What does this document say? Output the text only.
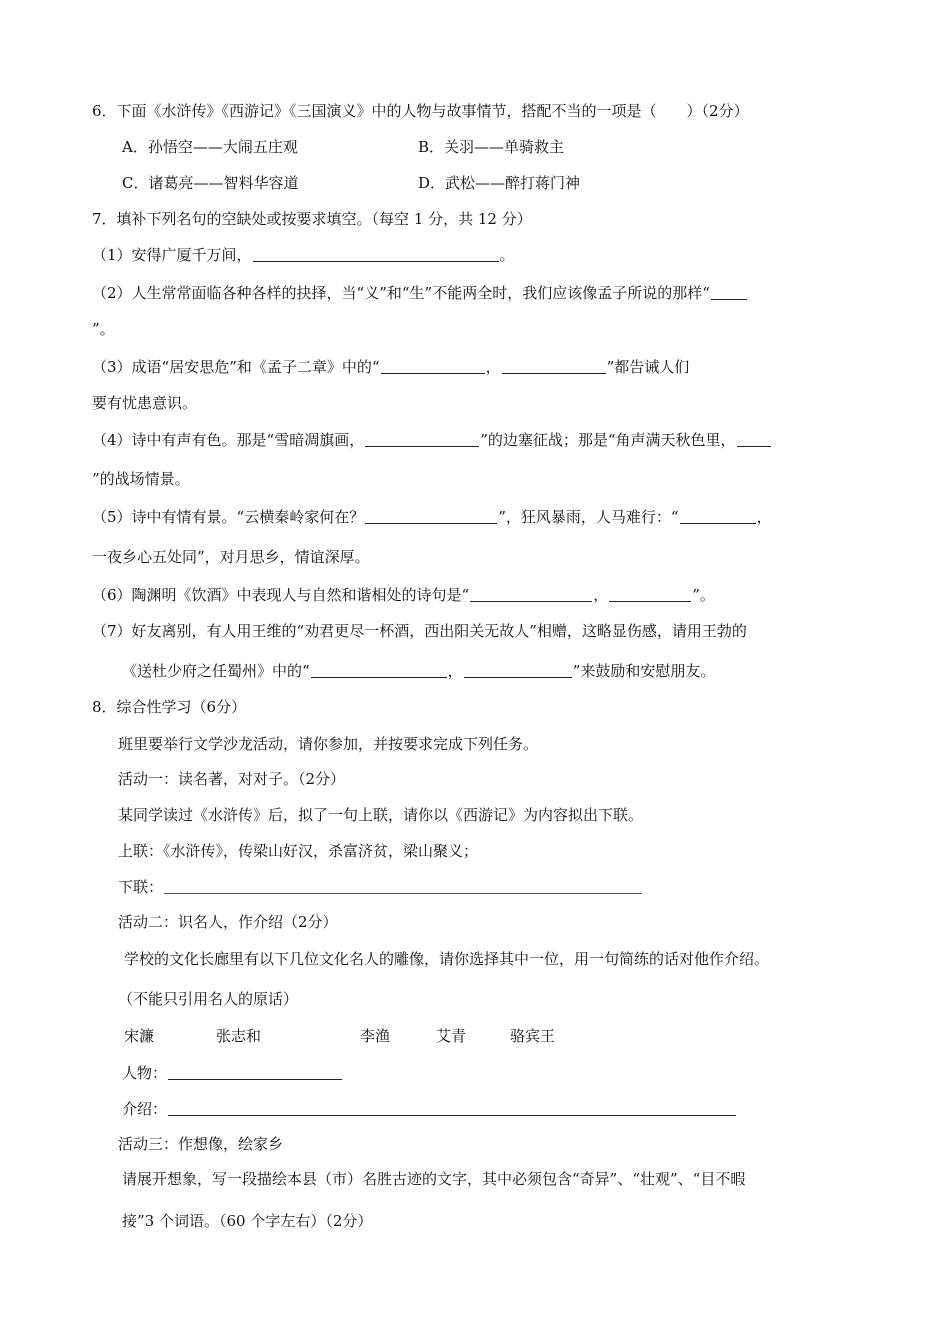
6．下面《水浒传》《西游记》《三国演义》中的人物与故事情节，搭配不当的一项是（　　）（2分）
A．孙悟空——大闹五庄观	B．关羽——单骑救主
C．诸葛亮——智料华容道	D．武松——醉打蒋门神
7．填补下列名句的空缺处或按要求填空。（每空 1 分，共 12 分）
（1）安得广厦千万间，	。
（2）人生常常面临各种各样的抉择，当“义”和“生”不能两全时，我们应该像孟子所说的那样“
”。
（3）成语“居安思危”和《孟子二章》中的“	，	”都告诫人们
要有忧患意识。
（4）诗中有声有色。那是“雪暗凋旗画，	”的边塞征战；那是“角声满天秋色里，
”的战场情景。
（5）诗中有情有景。“云横秦岭家何在？	”，狂风暴雨，人马难行：“	，
一夜乡心五处同”，对月思乡，情谊深厚。
（6）陶渊明《饮酒》中表现人与自然和谐相处的诗句是“	，	”。
（7）好友离别，有人用王维的“劝君更尽一杯酒，西出阳关无故人”相赠，这略显伤感，请用王勃的
《送杜少府之任蜀州》中的“	，	”来鼓励和安慰朋友。
8．综合性学习（6分）
班里要举行文学沙龙活动，请你参加，并按要求完成下列任务。
活动一：读名著，对对子。（2分）
某同学读过《水浒传》后，拟了一句上联，请你以《西游记》为内容拟出下联。
上联：《水浒传》，传梁山好汉，杀富济贫，梁山聚义；
下联：
活动二：识名人，作介绍（2分）
学校的文化长廊里有以下几位文化名人的雕像，请你选择其中一位，用一句简练的话对他作介绍。
（不能只引用名人的原话）
宋濂	张志和	李渔	艾青	骆宾王
人物：
介绍：
活动三：作想像，绘家乡
请展开想象，写一段描绘本县（市）名胜古迹的文字，其中必须包含“奇异”、“壮观”、“目不暇
接”3 个词语。（60 个字左右）（2分）
